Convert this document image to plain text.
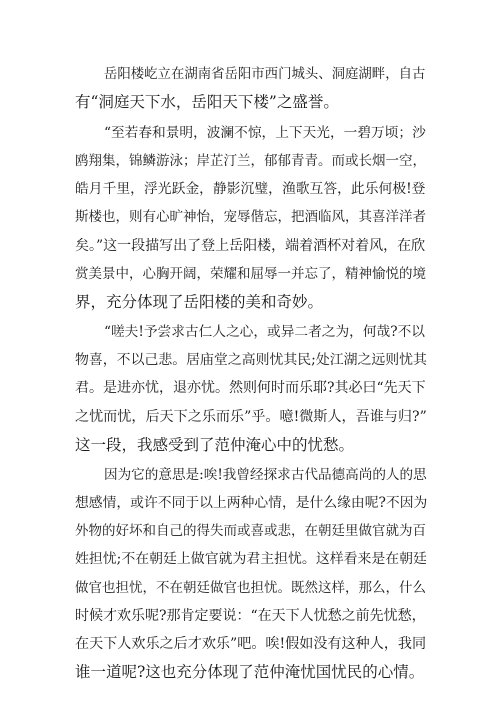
岳阳楼屹立在湖南省岳阳市西门城头、洞庭湖畔，自古

有“洞庭天下水，岳阳天下楼”之盛誉。

“至若春和景明，波澜不惊，上下天光，一碧万顷；沙

鸥翔集，锦鳞游泳；岸芷汀兰，郁郁青青。而或长烟一空，

皓月千里，浮光跃金，静影沉璧，渔歌互答，此乐何极!登

斯楼也，则有心旷神怡，宠辱偕忘，把酒临风，其喜洋洋者

矣。”这一段描写出了登上岳阳楼，端着酒杯对着风，在欣

赏美景中，心胸开阔，荣耀和屈辱一并忘了，精神愉悦的境

界，充分体现了岳阳楼的美和奇妙。

“嗟夫!予尝求古仁人之心，或异二者之为，何哉?不以

物喜，不以己悲。居庙堂之高则忧其民;处江湖之远则忧其

君。是进亦忧，退亦忧。然则何时而乐耶?其必曰“先天下

之忧而忧，后天下之乐而乐”乎。噫!微斯人，吾谁与归?”

这一段，我感受到了范仲淹心中的忧愁。

因为它的意思是:唉!我曾经探求古代品德高尚的人的思

想感情，或许不同于以上两种心情，是什么缘由呢?不因为

外物的好坏和自己的得失而或喜或悲，在朝廷里做官就为百

姓担忧;不在朝廷上做官就为君主担忧。这样看来是在朝廷

做官也担忧，不在朝廷做官也担忧。既然这样，那么，什么

时候才欢乐呢?那肯定要说：“在天下人忧愁之前先忧愁，

在天下人欢乐之后才欢乐”吧。唉!假如没有这种人，我同

谁一道呢?这也充分体现了范仲淹忧国忧民的心情。
